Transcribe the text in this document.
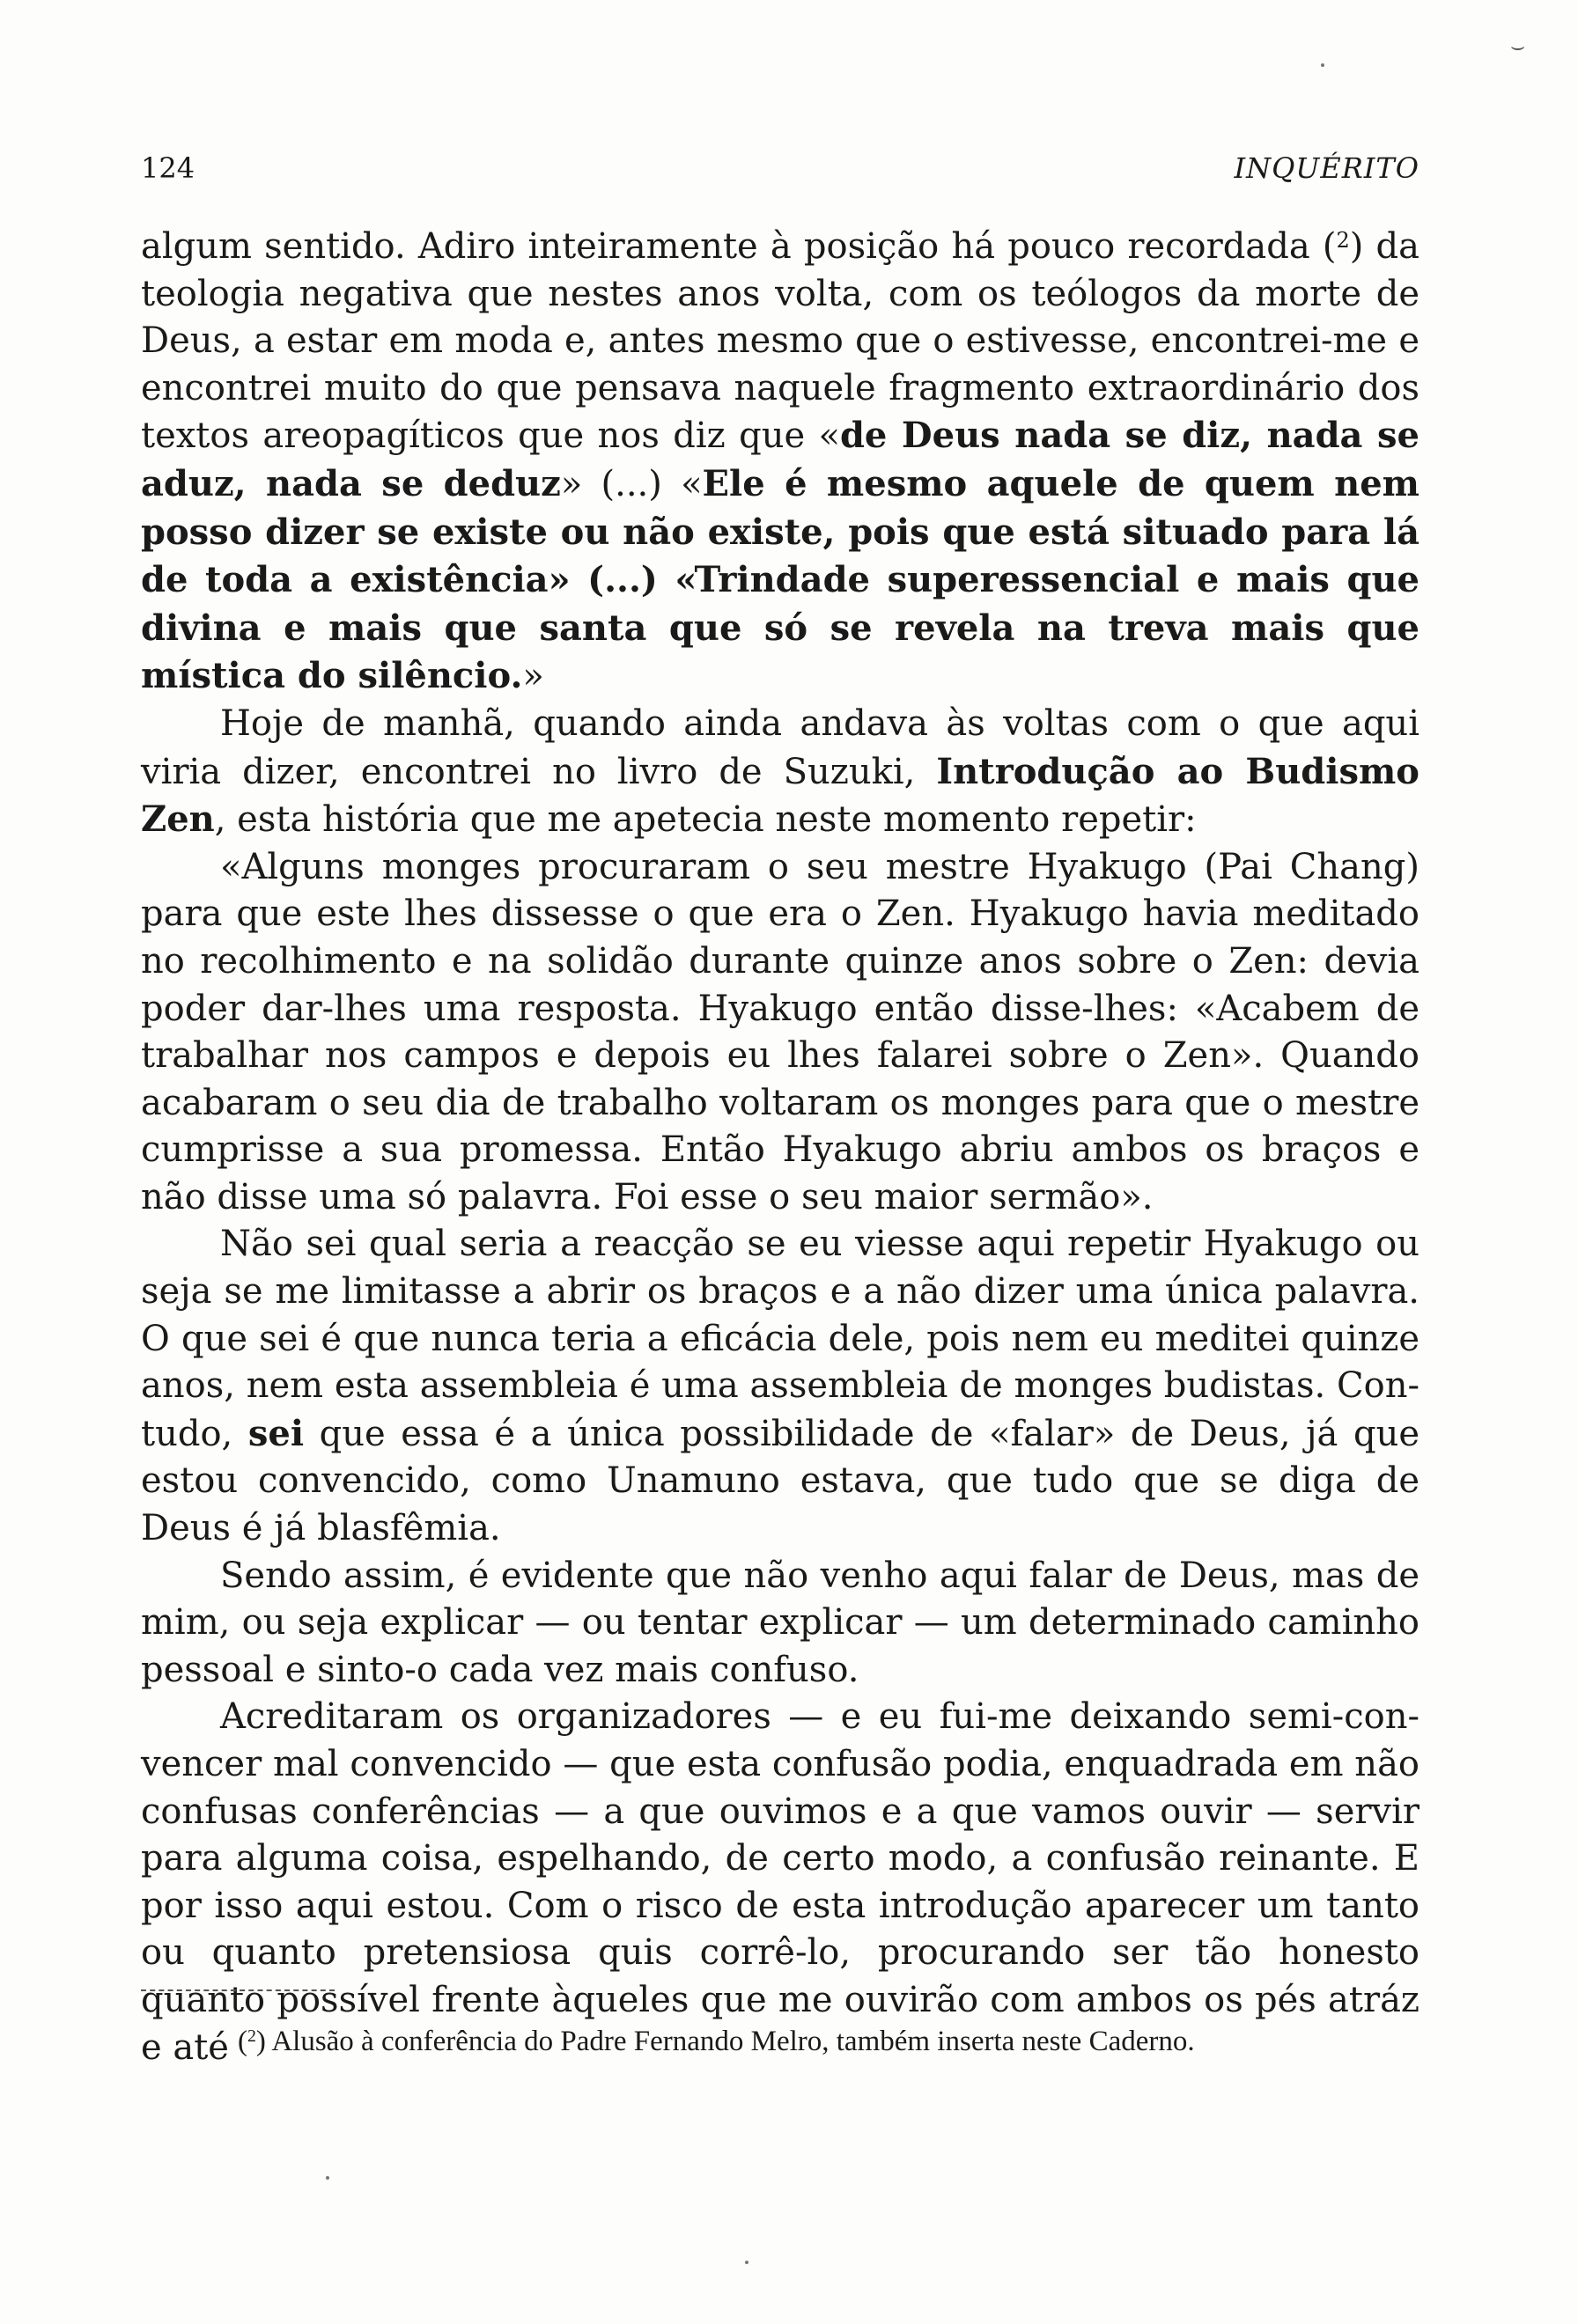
⌣
124	INQUÉRITO

algum sentido. Adiro inteiramente à posição há pouco recordada ($^2$) da teologia negativa que nestes anos volta, com os teólogos da morte de Deus, a estar em moda e, antes mesmo que o estivesse, encontrei-me e encontrei muito do que pensava naquele fragmento extraordinário dos textos areopagíticos que nos diz que «de Deus nada se diz, nada se aduz, nada se deduz» (...) «Ele é mesmo aquele de quem nem posso dizer se existe ou não existe, pois que está situado para lá de toda a existência» (...) «Trindade superessencial e mais que divina e mais que santa que só se revela na treva mais que mística do silêncio.»

Hoje de manhã, quando ainda andava às voltas com o que aqui viria dizer, encontrei no livro de Suzuki, Introdução ao Budismo Zen, esta história que me apetecia neste momento repetir:

«Alguns monges procuraram o seu mestre Hyakugo (Pai Chang) para que este lhes dissesse o que era o Zen. Hyakugo havia meditado no recolhimento e na solidão durante quinze anos sobre o Zen: devia poder dar-lhes uma resposta. Hyakugo então disse-lhes: «Acabem de trabalhar nos campos e depois eu lhes falarei sobre o Zen». Quando acabaram o seu dia de trabalho voltaram os monges para que o mestre cumprisse a sua promessa. Então Hyakugo abriu ambos os braços e não disse uma só palavra. Foi esse o seu maior sermão».

Não sei qual seria a reacção se eu viesse aqui repetir Hyakugo ou seja se me limitasse a abrir os braços e a não dizer uma única palavra. O que sei é que nunca teria a eficácia dele, pois nem eu meditei quinze anos, nem esta assembleia é uma assembleia de monges budistas. Contudo, sei que essa é a única possibilidade de «falar» de Deus, já que estou convencido, como Unamuno estava, que tudo que se diga de Deus é já blasfêmia.

Sendo assim, é evidente que não venho aqui falar de Deus, mas de mim, ou seja explicar — ou tentar explicar — um determinado caminho pessoal e sinto-o cada vez mais confuso.

Acreditaram os organizadores — e eu fui-me deixando semi-convencer mal convencido — que esta confusão podia, enquadrada em não confusas conferências — a que ouvimos e a que vamos ouvir — servir para alguma coisa, espelhando, de certo modo, a confusão reinante. E por isso aqui estou. Com o risco de esta introdução aparecer um tanto ou quanto pretensiosa quis corrê-lo, procurando ser tão honesto quanto possível frente àqueles que me ouvirão com ambos os pés atráz e até ($^2$) Alusão à conferência do Padre Fernando Melro, também inserta neste Caderno.
